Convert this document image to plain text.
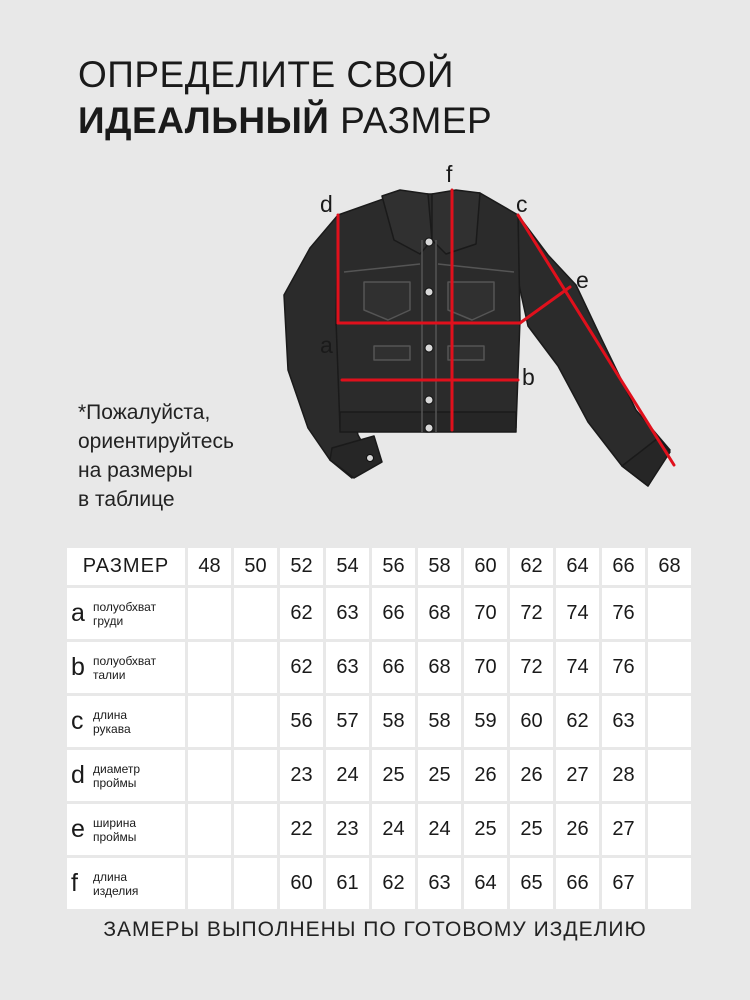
ОПРЕДЕЛИТЕ СВОЙ
ИДЕАЛЬНЫЙ РАЗМЕР
*Пожалуйста,
ориентируйтесь
на размеры
в таблице
a
b
c
d
e
f
РАЗМЕР	48	50	52	54	56	58	60	62	64	66	68
a полуобхват
груди			62	63	66	68	70	72	74	76	
b полуобхват
талии			62	63	66	68	70	72	74	76	
c длина
рукава			56	57	58	58	59	60	62	63	
d диаметр
проймы			23	24	25	25	26	26	27	28	
e ширина
проймы			22	23	24	24	25	25	26	27	
f длина
изделия			60	61	62	63	64	65	66	67	
ЗАМЕРЫ ВЫПОЛНЕНЫ ПО ГОТОВОМУ ИЗДЕЛИЮ
